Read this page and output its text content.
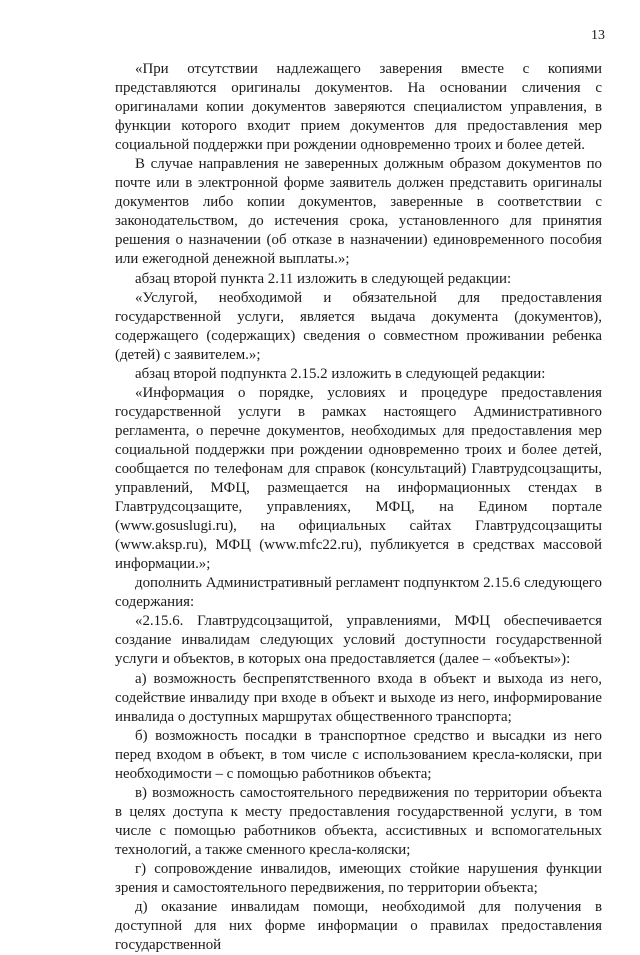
13

«При отсутствии надлежащего заверения вместе с копиями представляются оригиналы документов. На основании сличения с оригиналами копии документов заверяются специалистом управления, в функции которого входит прием документов для предоставления мер социальной поддержки при рождении одновременно троих и более детей.

В случае направления не заверенных должным образом документов по почте или в электронной форме заявитель должен представить оригиналы документов либо копии документов, заверенные в соответствии с законодательством, до истечения срока, установленного для принятия решения о назначении (об отказе в назначении) единовременного пособия или ежегодной денежной выплаты.»;

абзац второй пункта 2.11 изложить в следующей редакции:

«Услугой, необходимой и обязательной для предоставления государственной услуги, является выдача документа (документов), содержащего (содержащих) сведения о совместном проживании ребенка (детей) с заявителем.»;

абзац второй подпункта 2.15.2 изложить в следующей редакции:

«Информация о порядке, условиях и процедуре предоставления государственной услуги в рамках настоящего Административного регламента, о перечне документов, необходимых для предоставления мер социальной поддержки при рождении одновременно троих и более детей, сообщается по телефонам для справок (консультаций) Главтрудсоцзащиты, управлений, МФЦ, размещается на информационных стендах в Главтрудсоцзащите, управлениях, МФЦ, на Едином портале (www.gosuslugi.ru), на официальных сайтах Главтрудсоцзащиты (www.aksp.ru), МФЦ (www.mfc22.ru), публикуется в средствах массовой информации.»;

дополнить Административный регламент подпунктом 2.15.6 следующего содержания:

«2.15.6. Главтрудсоцзащитой, управлениями, МФЦ обеспечивается создание инвалидам следующих условий доступности государственной услуги и объектов, в которых она предоставляется (далее – «объекты»):

а) возможность беспрепятственного входа в объект и выхода из него, содействие инвалиду при входе в объект и выходе из него, информирование инвалида о доступных маршрутах общественного транспорта;

б) возможность посадки в транспортное средство и высадки из него перед входом в объект, в том числе с использованием кресла-коляски, при необходимости – с помощью работников объекта;

в) возможность самостоятельного передвижения по территории объекта в целях доступа к месту предоставления государственной услуги, в том числе с помощью работников объекта, ассистивных и вспомогательных технологий, а также сменного кресла-коляски;

г) сопровождение инвалидов, имеющих стойкие нарушения функции зрения и самостоятельного передвижения, по территории объекта;

д) оказание инвалидам помощи, необходимой для получения в доступной для них форме информации о правилах предоставления государственной
